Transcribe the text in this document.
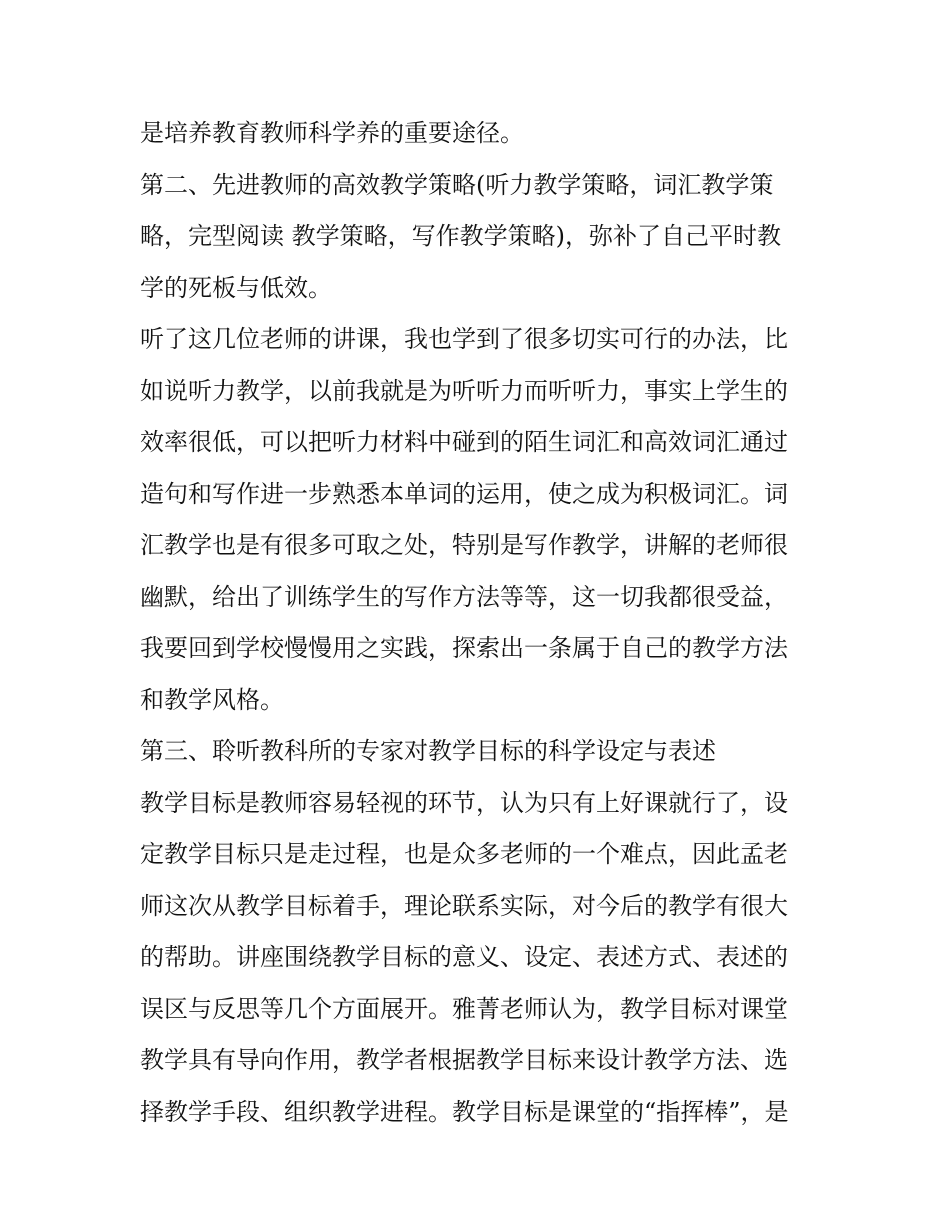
是培养教育教师科学养的重要途径。
第二、先进教师的高效教学策略(听力教学策略，词汇教学策
略，完型阅读 教学策略，写作教学策略)，弥补了自己平时教
学的死板与低效。
听了这几位老师的讲课，我也学到了很多切实可行的办法，比
如说听力教学，以前我就是为听听力而听听力，事实上学生的
效率很低，可以把听力材料中碰到的陌生词汇和高效词汇通过
造句和写作进一步熟悉本单词的运用，使之成为积极词汇。词
汇教学也是有很多可取之处，特别是写作教学，讲解的老师很
幽默，给出了训练学生的写作方法等等，这一切我都很受益，
我要回到学校慢慢用之实践，探索出一条属于自己的教学方法
和教学风格。
第三、聆听教科所的专家对教学目标的科学设定与表述
教学目标是教师容易轻视的环节，认为只有上好课就行了，设
定教学目标只是走过程，也是众多老师的一个难点，因此孟老
师这次从教学目标着手，理论联系实际，对今后的教学有很大
的帮助。讲座围绕教学目标的意义、设定、表述方式、表述的
误区与反思等几个方面展开。雅菁老师认为，教学目标对课堂
教学具有导向作用，教学者根据教学目标来设计教学方法、选
择教学手段、组织教学进程。教学目标是课堂的“指挥棒”，是
